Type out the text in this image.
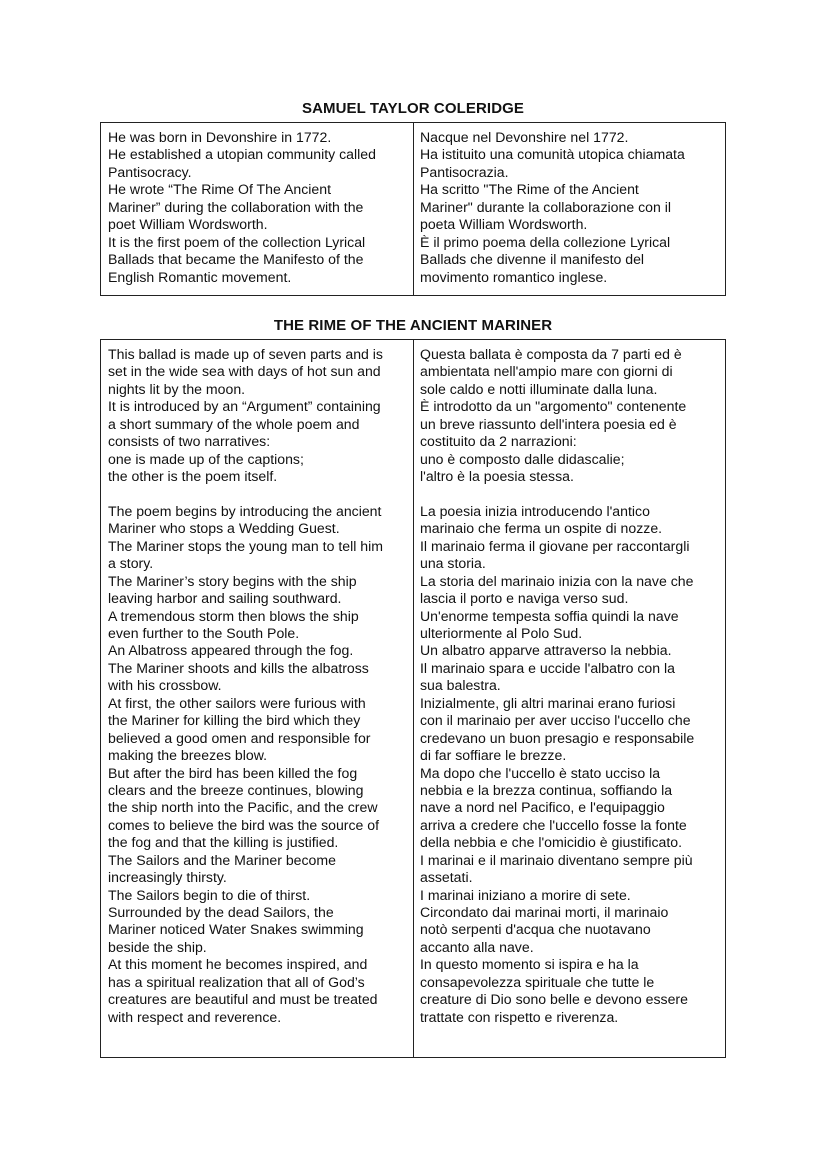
SAMUEL TAYLOR COLERIDGE
He was born in Devonshire in 1772.
He established a utopian community called
Pantisocracy.
He wrote “The Rime Of The Ancient
Mariner” during the collaboration with the
poet William Wordsworth.
It is the first poem of the collection Lyrical
Ballads that became the Manifesto of the
English Romantic movement.
Nacque nel Devonshire nel 1772.
Ha istituito una comunità utopica chiamata
Pantisocrazia.
Ha scritto "The Rime of the Ancient
Mariner" durante la collaborazione con il
poeta William Wordsworth.
È il primo poema della collezione Lyrical
Ballads che divenne il manifesto del
movimento romantico inglese.
THE RIME OF THE ANCIENT MARINER
This ballad is made up of seven parts and is
set in the wide sea with days of hot sun and
nights lit by the moon.
It is introduced by an “Argument” containing
a short summary of the whole poem and
consists of two narratives:
one is made up of the captions;
the other is the poem itself.
The poem begins by introducing the ancient
Mariner who stops a Wedding Guest.
The Mariner stops the young man to tell him
a story.
The Mariner’s story begins with the ship
leaving harbor and sailing southward.
A tremendous storm then blows the ship
even further to the South Pole.
An Albatross appeared through the fog.
The Mariner shoots and kills the albatross
with his crossbow.
At first, the other sailors were furious with
the Mariner for killing the bird which they
believed a good omen and responsible for
making the breezes blow.
But after the bird has been killed the fog
clears and the breeze continues, blowing
the ship north into the Pacific, and the crew
comes to believe the bird was the source of
the fog and that the killing is justified.
The Sailors and the Mariner become
increasingly thirsty.
The Sailors begin to die of thirst.
Surrounded by the dead Sailors, the
Mariner noticed Water Snakes swimming
beside the ship.
At this moment he becomes inspired, and
has a spiritual realization that all of God’s
creatures are beautiful and must be treated
with respect and reverence.
Questa ballata è composta da 7 parti ed è
ambientata nell'ampio mare con giorni di
sole caldo e notti illuminate dalla luna.
È introdotto da un "argomento" contenente
un breve riassunto dell'intera poesia ed è
costituito da 2 narrazioni:
uno è composto dalle didascalie;
l'altro è la poesia stessa.
La poesia inizia introducendo l'antico
marinaio che ferma un ospite di nozze.
Il marinaio ferma il giovane per raccontargli
una storia.
La storia del marinaio inizia con la nave che
lascia il porto e naviga verso sud.
Un'enorme tempesta soffia quindi la nave
ulteriormente al Polo Sud.
Un albatro apparve attraverso la nebbia.
Il marinaio spara e uccide l'albatro con la
sua balestra.
Inizialmente, gli altri marinai erano furiosi
con il marinaio per aver ucciso l'uccello che
credevano un buon presagio e responsabile
di far soffiare le brezze.
Ma dopo che l'uccello è stato ucciso la
nebbia e la brezza continua, soffiando la
nave a nord nel Pacifico, e l'equipaggio
arriva a credere che l'uccello fosse la fonte
della nebbia e che l'omicidio è giustificato.
I marinai e il marinaio diventano sempre più
assetati.
I marinai iniziano a morire di sete.
Circondato dai marinai morti, il marinaio
notò serpenti d'acqua che nuotavano
accanto alla nave.
In questo momento si ispira e ha la
consapevolezza spirituale che tutte le
creature di Dio sono belle e devono essere
trattate con rispetto e riverenza.
